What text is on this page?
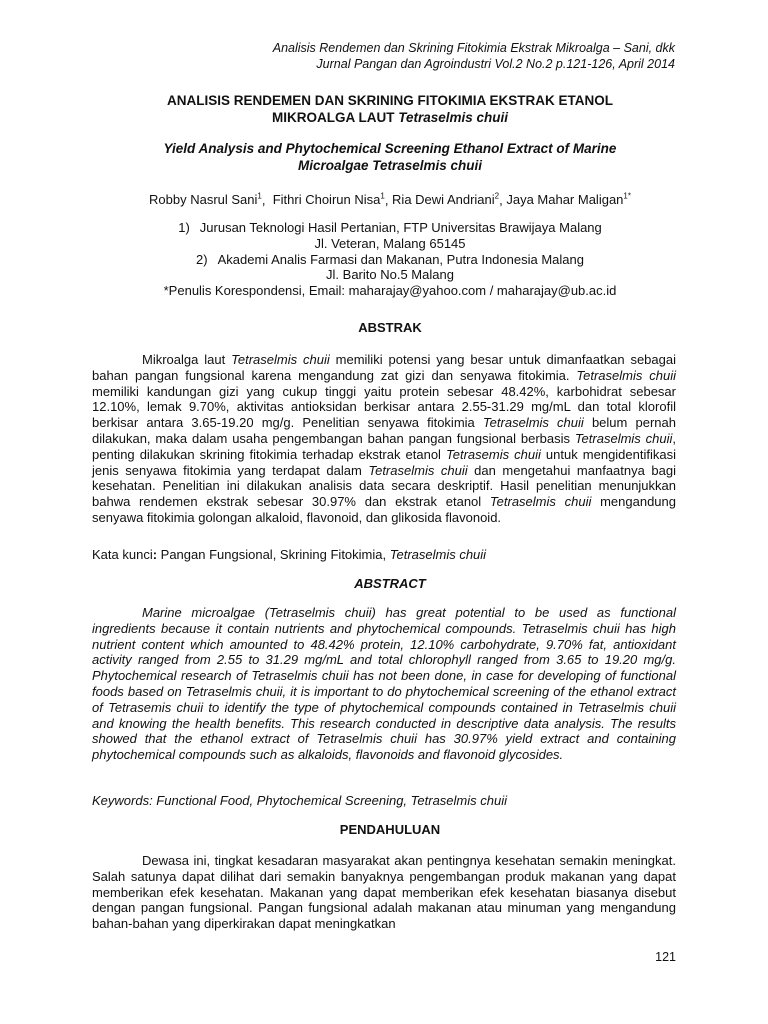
Analisis Rendemen dan Skrining Fitokimia Ekstrak Mikroalga – Sani, dkk
Jurnal Pangan dan Agroindustri Vol.2 No.2 p.121-126, April 2014
ANALISIS RENDEMEN DAN SKRINING FITOKIMIA EKSTRAK ETANOL
MIKROALGA LAUT Tetraselmis chuii
Yield Analysis and Phytochemical Screening Ethanol Extract of Marine
Microalgae Tetraselmis chuii
Robby Nasrul Sani$^1$,  Fithri Choirun Nisa$^1$, Ria Dewi Andriani$^2$, Jaya Mahar Maligan$^{1*}$
1) Jurusan Teknologi Hasil Pertanian, FTP Universitas Brawijaya Malang
Jl. Veteran, Malang 65145
2) Akademi Analis Farmasi dan Makanan, Putra Indonesia Malang
Jl. Barito No.5 Malang
*Penulis Korespondensi, Email: maharajay@yahoo.com / maharajay@ub.ac.id
ABSTRAK
Mikroalga laut Tetraselmis chuii memiliki potensi yang besar untuk dimanfaatkan sebagai bahan pangan fungsional karena mengandung zat gizi dan senyawa fitokimia. Tetraselmis chuii memiliki kandungan gizi yang cukup tinggi yaitu protein sebesar 48.42%, karbohidrat sebesar 12.10%, lemak 9.70%, aktivitas antioksidan berkisar antara 2.55-31.29 mg/mL dan total klorofil berkisar antara 3.65-19.20 mg/g. Penelitian senyawa fitokimia Tetraselmis chuii belum pernah dilakukan, maka dalam usaha pengembangan bahan pangan fungsional berbasis Tetraselmis chuii, penting dilakukan skrining fitokimia terhadap ekstrak etanol Tetrasemis chuii untuk mengidentifikasi jenis senyawa fitokimia yang terdapat dalam Tetraselmis chuii dan mengetahui manfaatnya bagi kesehatan. Penelitian ini dilakukan analisis data secara deskriptif. Hasil penelitian menunjukkan bahwa rendemen ekstrak sebesar 30.97% dan ekstrak etanol Tetraselmis chuii mengandung senyawa fitokimia golongan alkaloid, flavonoid, dan glikosida flavonoid.
Kata kunci: Pangan Fungsional, Skrining Fitokimia, Tetraselmis chuii
ABSTRACT
Marine microalgae (Tetraselmis chuii) has great potential to be used as functional ingredients because it contain nutrients and phytochemical compounds. Tetraselmis chuii has high nutrient content which amounted to 48.42% protein, 12.10% carbohydrate, 9.70% fat, antioxidant activity ranged from 2.55 to 31.29 mg/mL and total chlorophyll ranged from 3.65 to 19.20 mg/g. Phytochemical research of Tetraselmis chuii has not been done, in case for developing of functional foods based on Tetraselmis chuii, it is important to do phytochemical screening of the ethanol extract of Tetrasemis chuii to identify the type of phytochemical compounds contained in Tetraselmis chuii and knowing the health benefits. This research conducted in descriptive data analysis. The results showed that the ethanol extract of Tetraselmis chuii has 30.97% yield extract and containing phytochemical compounds such as alkaloids, flavonoids and flavonoid glycosides.
Keywords: Functional Food, Phytochemical Screening, Tetraselmis chuii
PENDAHULUAN
Dewasa ini, tingkat kesadaran masyarakat akan pentingnya kesehatan semakin meningkat. Salah satunya dapat dilihat dari semakin banyaknya pengembangan produk makanan yang dapat memberikan efek kesehatan. Makanan yang dapat memberikan efek kesehatan biasanya disebut dengan pangan fungsional. Pangan fungsional adalah makanan atau minuman yang mengandung bahan-bahan yang diperkirakan dapat meningkatkan
121
